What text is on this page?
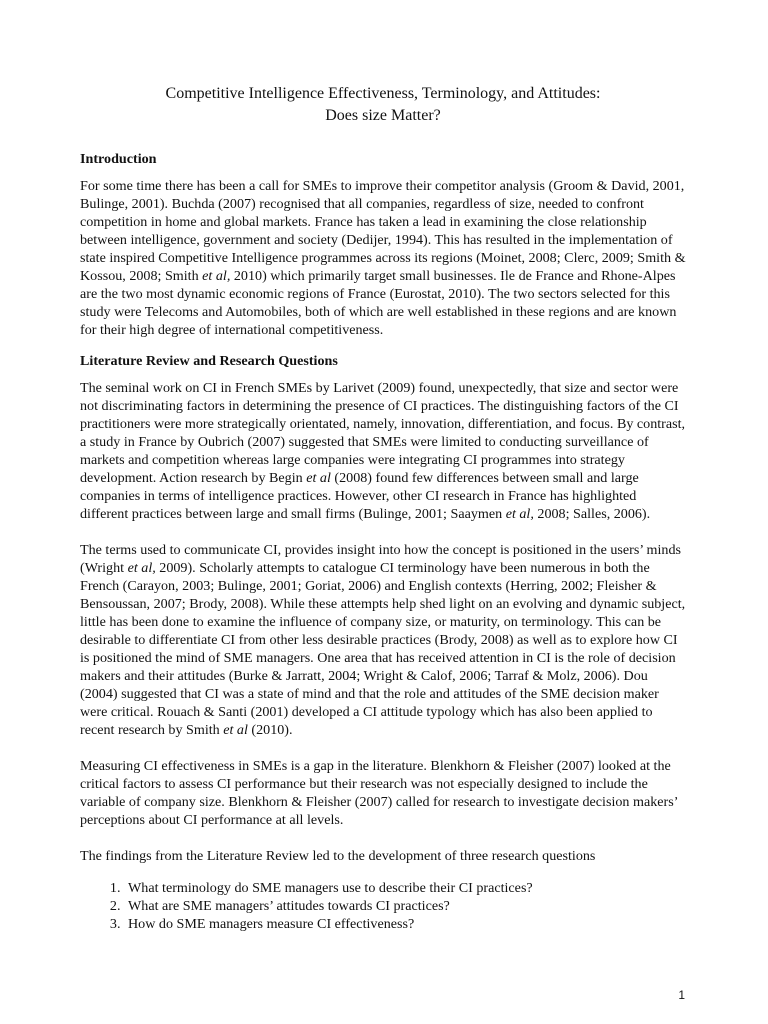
Competitive Intelligence Effectiveness, Terminology, and Attitudes:
Does size Matter?
Introduction

For some time there has been a call for SMEs to improve their competitor analysis (Groom & David, 2001, Bulinge, 2001). Buchda (2007) recognised that all companies, regardless of size, needed to confront competition in home and global markets. France has taken a lead in examining the close relationship between intelligence, government and society (Dedijer, 1994). This has resulted in the implementation of state inspired Competitive Intelligence programmes across its regions (Moinet, 2008; Clerc, 2009; Smith & Kossou, 2008; Smith et al, 2010) which primarily target small businesses. Ile de France and Rhone-Alpes are the two most dynamic economic regions of France (Eurostat, 2010). The two sectors selected for this study were Telecoms and Automobiles, both of which are well established in these regions and are known for their high degree of international competitiveness.

Literature Review and Research Questions

The seminal work on CI in French SMEs by Larivet (2009) found, unexpectedly, that size and sector were not discriminating factors in determining the presence of CI practices. The distinguishing factors of the CI practitioners were more strategically orientated, namely, innovation, differentiation, and focus. By contrast, a study in France by Oubrich (2007) suggested that SMEs were limited to conducting surveillance of markets and competition whereas large companies were integrating CI programmes into strategy development. Action research by Begin et al (2008) found few differences between small and large companies in terms of intelligence practices. However, other CI research in France has highlighted different practices between large and small firms (Bulinge, 2001; Saaymen et al, 2008; Salles, 2006).

The terms used to communicate CI, provides insight into how the concept is positioned in the users’ minds (Wright et al, 2009). Scholarly attempts to catalogue CI terminology have been numerous in both the French (Carayon, 2003; Bulinge, 2001; Goriat, 2006) and English contexts (Herring, 2002; Fleisher & Bensoussan, 2007; Brody, 2008). While these attempts help shed light on an evolving and dynamic subject, little has been done to examine the influence of company size, or maturity, on terminology. This can be desirable to differentiate CI from other less desirable practices (Brody, 2008) as well as to explore how CI is positioned the mind of SME managers. One area that has received attention in CI is the role of decision makers and their attitudes (Burke & Jarratt, 2004; Wright & Calof, 2006; Tarraf & Molz, 2006). Dou (2004) suggested that CI was a state of mind and that the role and attitudes of the SME decision maker were critical. Rouach & Santi (2001) developed a CI attitude typology which has also been applied to recent research by Smith et al (2010).

Measuring CI effectiveness in SMEs is a gap in the literature. Blenkhorn & Fleisher (2007) looked at the critical factors to assess CI performance but their research was not especially designed to include the variable of company size. Blenkhorn & Fleisher (2007) called for research to investigate decision makers’ perceptions about CI performance at all levels.

The findings from the Literature Review led to the development of three research questions

1. What terminology do SME managers use to describe their CI practices?
2. What are SME managers’ attitudes towards CI practices?
3. How do SME managers measure CI effectiveness?
1
